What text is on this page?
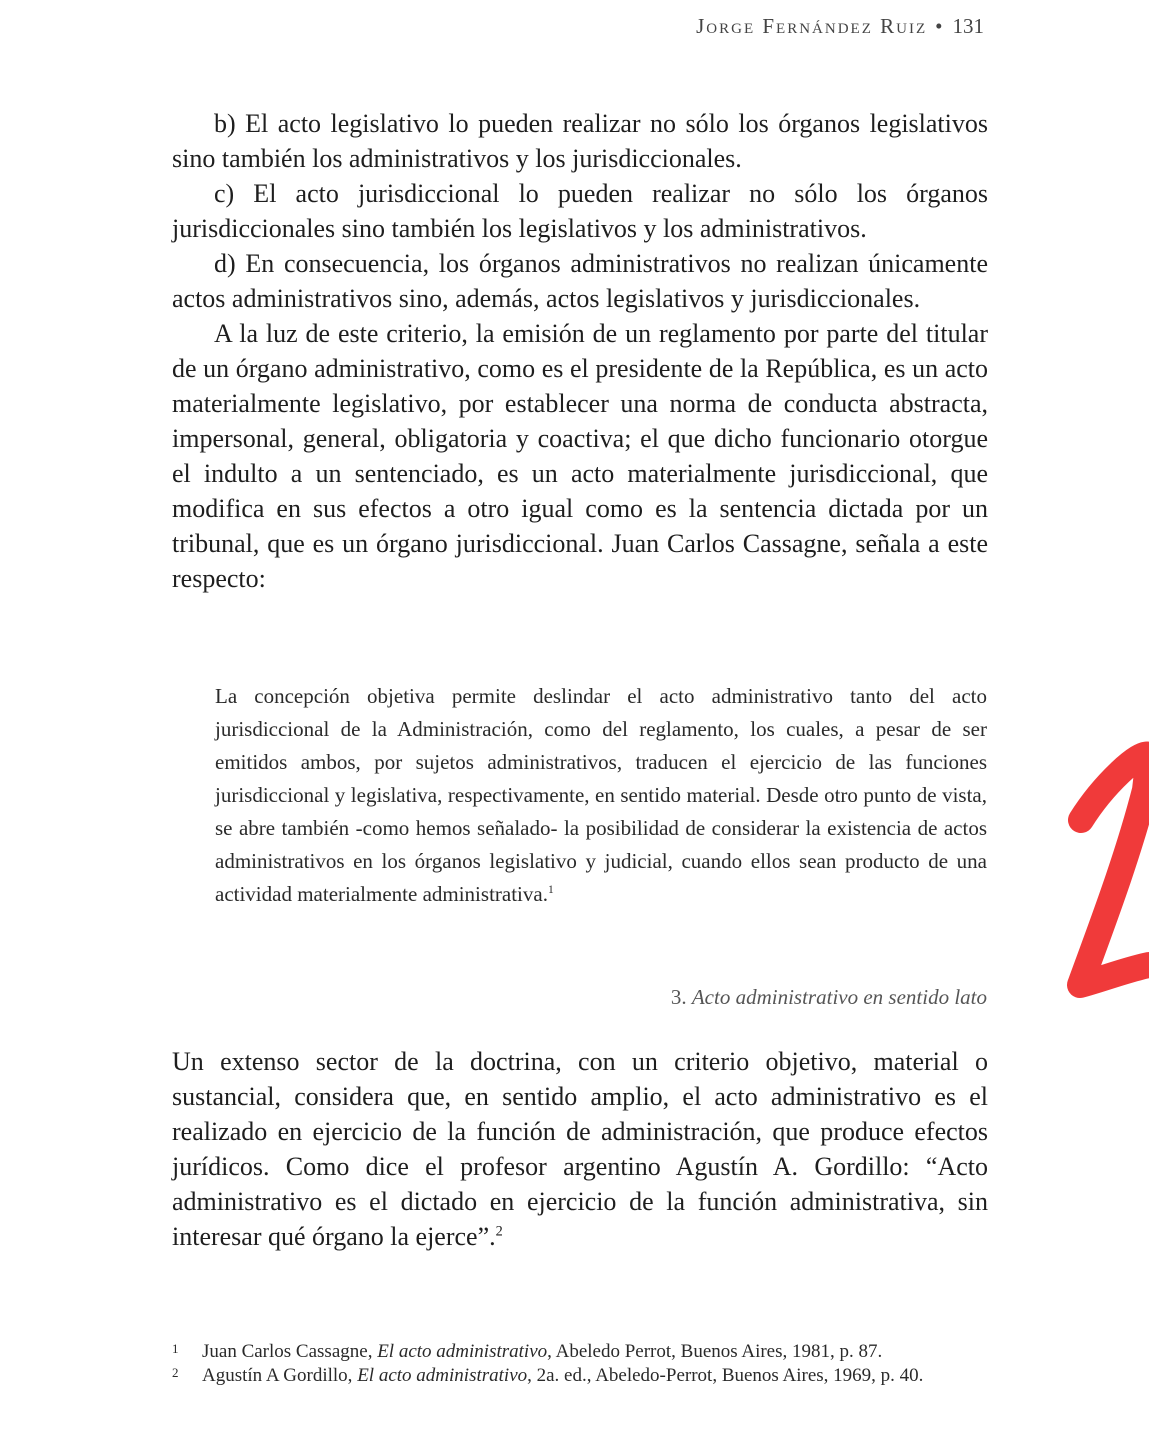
Jorge Fernández Ruiz • 131

b) El acto legislativo lo pueden realizar no sólo los órganos legislativos sino también los administrativos y los jurisdiccionales.

c) El acto jurisdiccional lo pueden realizar no sólo los órganos jurisdiccionales sino también los legislativos y los administrativos.

d) En consecuencia, los órganos administrativos no realizan únicamente actos administrativos sino, además, actos legislativos y jurisdiccionales.

A la luz de este criterio, la emisión de un reglamento por parte del titular de un órgano administrativo, como es el presidente de la República, es un acto materialmente legislativo, por establecer una norma de conducta abstracta, impersonal, general, obligatoria y coactiva; el que dicho funcionario otorgue el indulto a un sentenciado, es un acto materialmente jurisdiccional, que modifica en sus efectos a otro igual como es la sentencia dictada por un tribunal, que es un órgano jurisdiccional. Juan Carlos Cassagne, señala a este respecto:

La concepción objetiva permite deslindar el acto administrativo tanto del acto jurisdiccional de la Administración, como del reglamento, los cuales, a pesar de ser emitidos ambos, por sujetos administrativos, traducen el ejercicio de las funciones jurisdiccional y legislativa, respectivamente, en sentido material. Desde otro punto de vista, se abre también -como hemos señalado- la posibilidad de considerar la existencia de actos administrativos en los órganos legislativo y judicial, cuando ellos sean producto de una actividad materialmente administrativa.$^1$

3. Acto administrativo en sentido lato

Un extenso sector de la doctrina, con un criterio objetivo, material o sustancial, considera que, en sentido amplio, el acto administrativo es el realizado en ejercicio de la función de administración, que produce efectos jurídicos. Como dice el profesor argentino Agustín A. Gordillo: “Acto administrativo es el dictado en ejercicio de la función administrativa, sin interesar qué órgano la ejerce”.$^2$

1 Juan Carlos Cassagne, El acto administrativo, Abeledo Perrot, Buenos Aires, 1981, p. 87.
2 Agustín A Gordillo, El acto administrativo, 2a. ed., Abeledo-Perrot, Buenos Aires, 1969, p. 40.
